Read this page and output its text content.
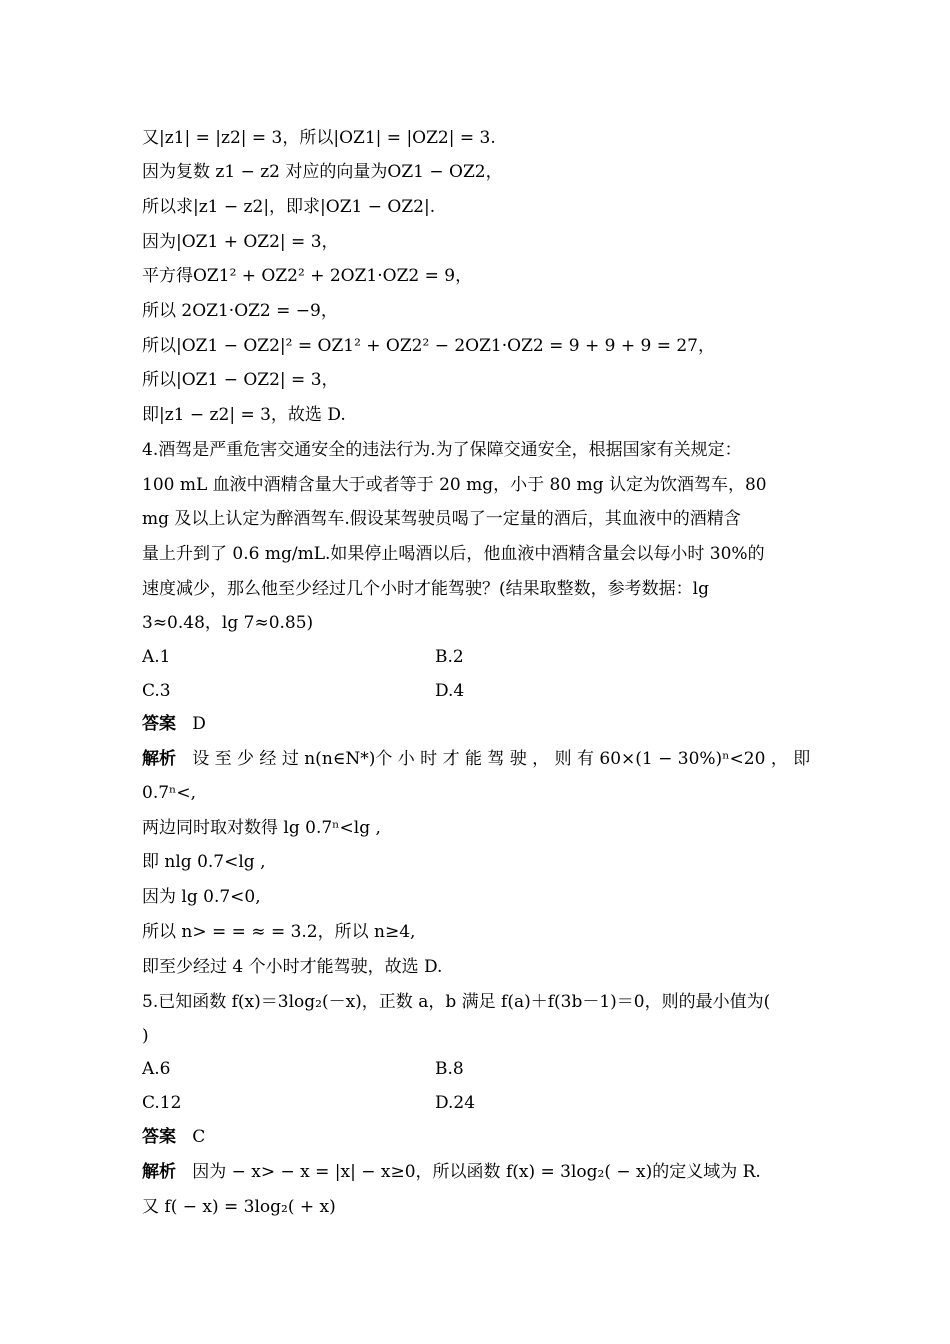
又|z1| = |z2| = 3，所以|OZ1| = |OZ2| = 3.
因为复数 z1 − z2 对应的向量为OZ1 − OZ2，
所以求|z1 − z2|，即求|OZ1 − OZ2|.
因为|OZ1 + OZ2| = 3，
平方得OZ1² + OZ2² + 2OZ1·OZ2 = 9，
所以 2OZ1·OZ2 = −9，
所以|OZ1 − OZ2|² = OZ1² + OZ2² − 2OZ1·OZ2 = 9 + 9 + 9 = 27，
所以|OZ1 − OZ2| = 3，
即|z1 − z2| = 3，故选 D.
4.酒驾是严重危害交通安全的违法行为.为了保障交通安全，根据国家有关规定：
100 mL 血液中酒精含量大于或者等于 20 mg，小于 80 mg 认定为饮酒驾车，80
mg 及以上认定为醉酒驾车.假设某驾驶员喝了一定量的酒后，其血液中的酒精含
量上升到了 0.6 mg/mL.如果停止喝酒以后，他血液中酒精含量会以每小时 30%的
速度减少，那么他至少经过几个小时才能驾驶？(结果取整数，参考数据：lg
3≈0.48，lg 7≈0.85)
A.1	B.2
C.3	D.4
答案 D
解析 设 至 少 经 过 n(n∈N*)个 小 时 才 能 驾 驶 ， 则 有 60×(1 − 30%)ⁿ<20 ， 即
0.7ⁿ<,
两边同时取对数得 lg 0.7ⁿ<lg ,
即 nlg 0.7<lg ,
因为 lg 0.7<0,
所以 n> = = ≈ = 3.2，所以 n≥4,
即至少经过 4 个小时才能驾驶，故选 D.
5.已知函数 f(x)＝3log₂(－x)，正数 a，b 满足 f(a)＋f(3b－1)＝0，则的最小值为(
)
A.6	B.8
C.12	D.24
答案 C
解析 因为 − x> − x = |x| − x≥0，所以函数 f(x) = 3log₂( − x)的定义域为 R.
又 f( − x) = 3log₂( + x)
